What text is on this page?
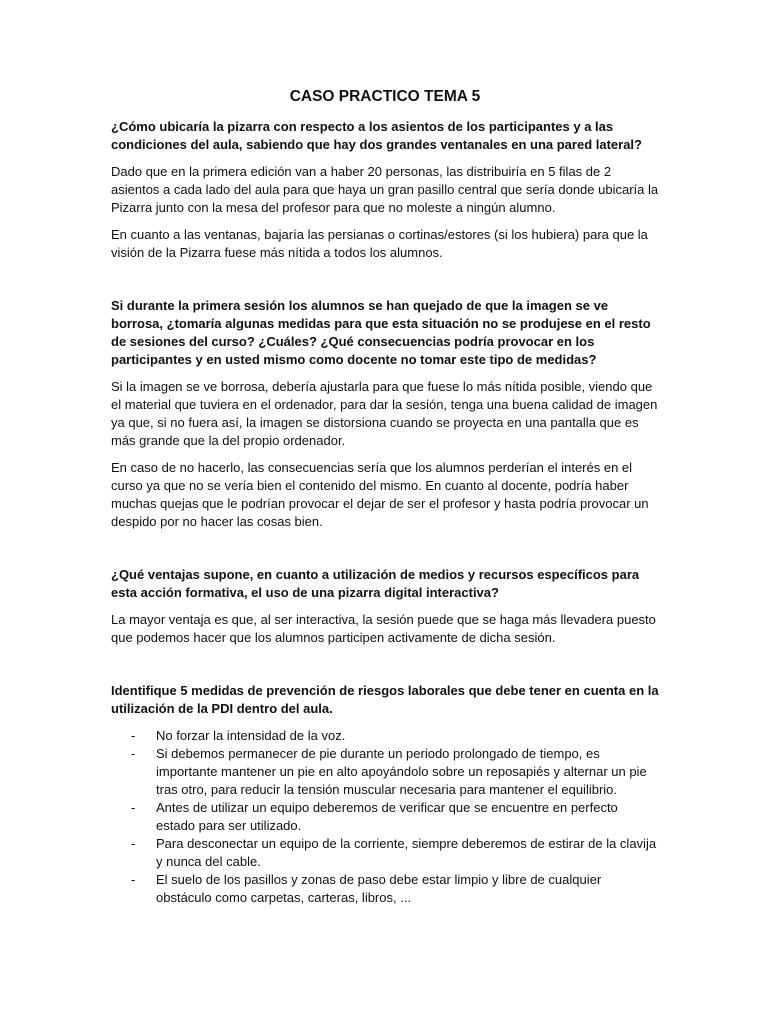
CASO PRACTICO TEMA 5
¿Cómo ubicaría la pizarra con respecto a los asientos de los participantes y a las condiciones del aula, sabiendo que hay dos grandes ventanales en una pared lateral?
Dado que en la primera edición van a haber 20 personas, las distribuiría en 5 filas de 2 asientos a cada lado del aula para que haya un gran pasillo central que sería donde ubicaría la Pizarra junto con la mesa del profesor para que no moleste a ningún alumno.
En cuanto a las ventanas, bajaría las persianas o cortinas/estores (si los hubiera) para que la visión de la Pizarra fuese más nítida a todos los alumnos.
Si durante la primera sesión los alumnos se han quejado de que la imagen se ve borrosa, ¿tomaría algunas medidas para que esta situación no se produjese en el resto de sesiones del curso? ¿Cuáles? ¿Qué consecuencias podría provocar en los participantes y en usted mismo como docente no tomar este tipo de medidas?
Si la imagen se ve borrosa, debería ajustarla para que fuese lo más nítida posible, viendo que el material que tuviera en el ordenador, para dar la sesión, tenga una buena calidad de imagen ya que, si no fuera así, la imagen se distorsiona cuando se proyecta en una pantalla que es más grande que la del propio ordenador.
En caso de no hacerlo, las consecuencias sería que los alumnos perderían el interés en el curso ya que no se vería bien el contenido del mismo. En cuanto al docente, podría haber muchas quejas que le podrían provocar el dejar de ser el profesor y hasta podría provocar un despido por no hacer las cosas bien.
¿Qué ventajas supone, en cuanto a utilización de medios y recursos específicos para esta acción formativa, el uso de una pizarra digital interactiva?
La mayor ventaja es que, al ser interactiva, la sesión puede que se haga más llevadera puesto que podemos hacer que los alumnos participen activamente de dicha sesión.
Identifique 5 medidas de prevención de riesgos laborales que debe tener en cuenta en la utilización de la PDI dentro del aula.
- No forzar la intensidad de la voz.
- Si debemos permanecer de pie durante un periodo prolongado de tiempo, es importante mantener un pie en alto apoyándolo sobre un reposapiés y alternar un pie tras otro, para reducir la tensión muscular necesaria para mantener el equilibrio.
- Antes de utilizar un equipo deberemos de verificar que se encuentre en perfecto estado para ser utilizado.
- Para desconectar un equipo de la corriente, siempre deberemos de estirar de la clavija y nunca del cable.
- El suelo de los pasillos y zonas de paso debe estar limpio y libre de cualquier obstáculo como carpetas, carteras, libros, ...
